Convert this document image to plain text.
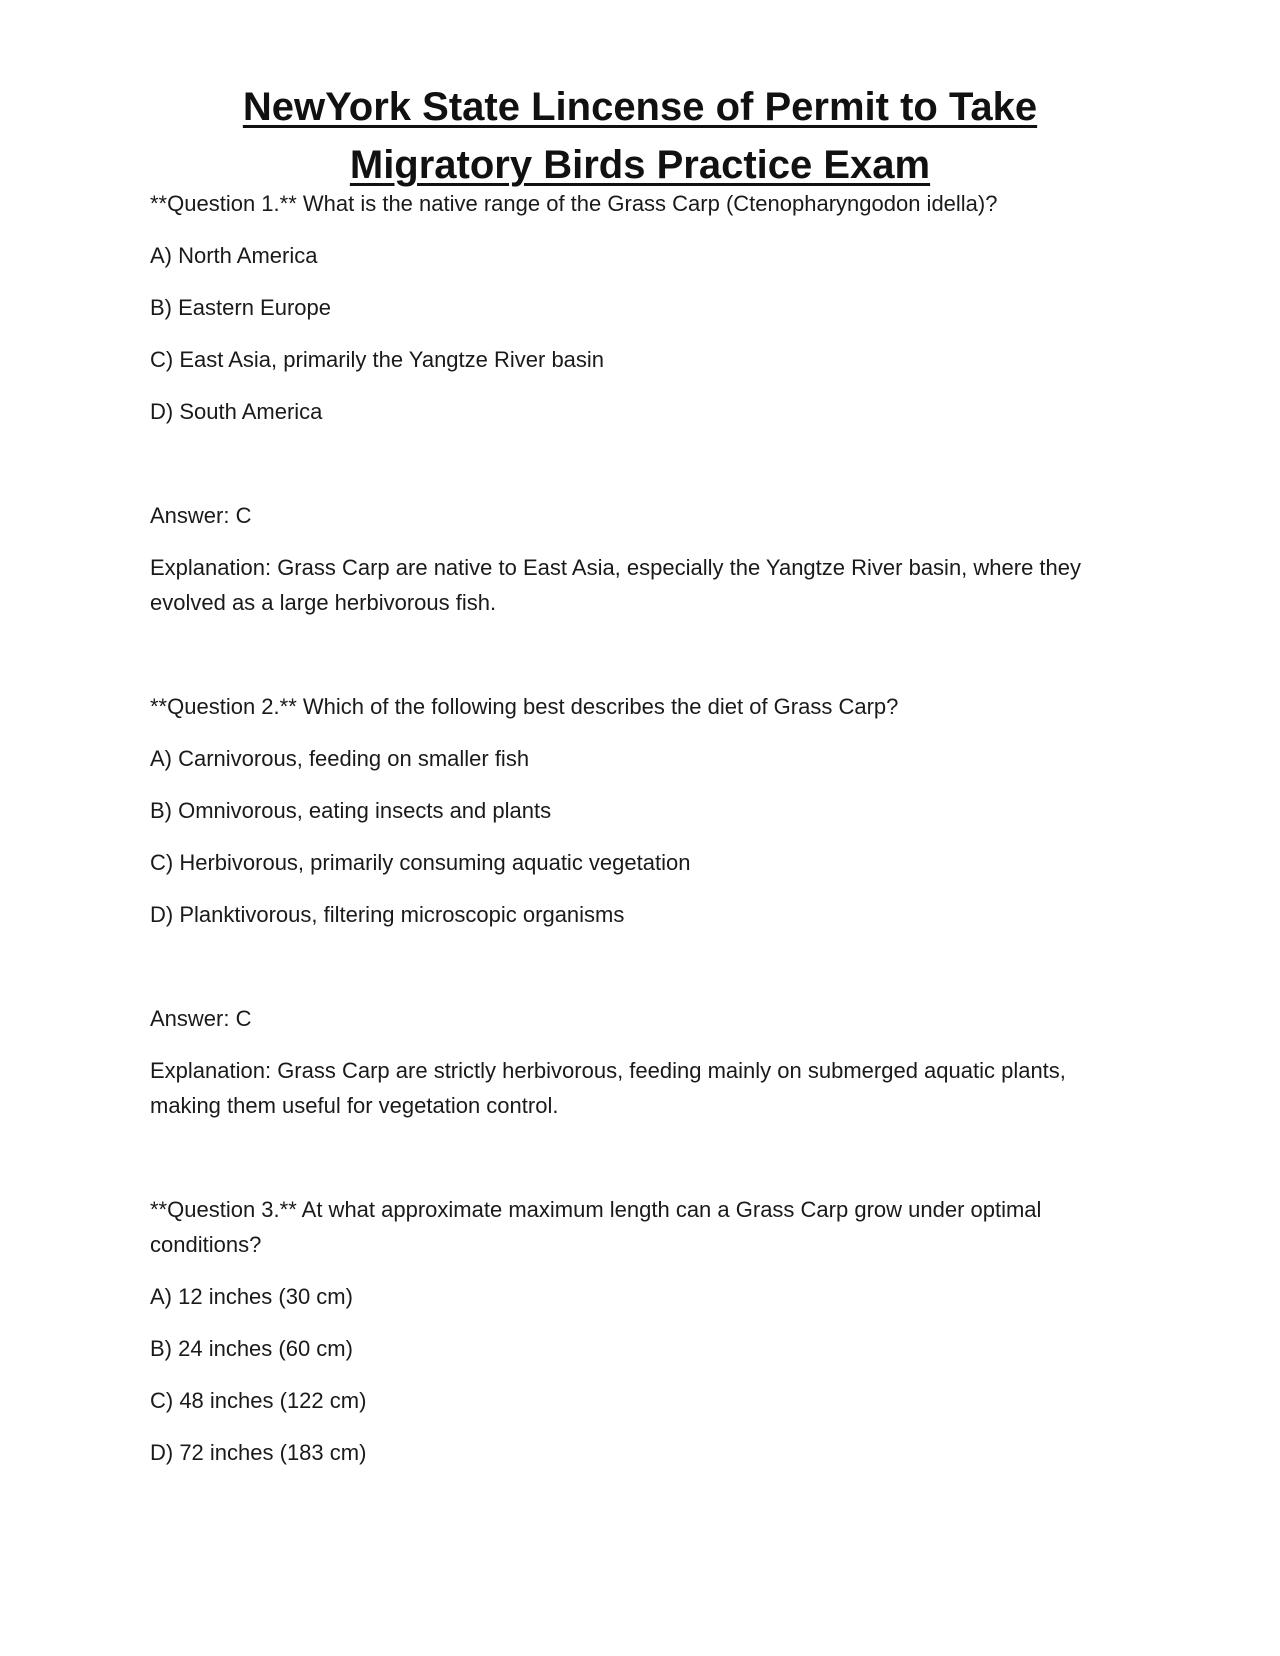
NewYork State Lincense of Permit to Take Migratory Birds Practice Exam

**Question 1.** What is the native range of the Grass Carp (Ctenopharyngodon idella)?

A) North America

B) Eastern Europe

C) East Asia, primarily the Yangtze River basin

D) South America

Answer: C

Explanation: Grass Carp are native to East Asia, especially the Yangtze River basin, where they evolved as a large herbivorous fish.

**Question 2.** Which of the following best describes the diet of Grass Carp?

A) Carnivorous, feeding on smaller fish

B) Omnivorous, eating insects and plants

C) Herbivorous, primarily consuming aquatic vegetation

D) Planktivorous, filtering microscopic organisms

Answer: C

Explanation: Grass Carp are strictly herbivorous, feeding mainly on submerged aquatic plants, making them useful for vegetation control.

**Question 3.** At what approximate maximum length can a Grass Carp grow under optimal conditions?

A) 12 inches (30 cm)

B) 24 inches (60 cm)

C) 48 inches (122 cm)

D) 72 inches (183 cm)
